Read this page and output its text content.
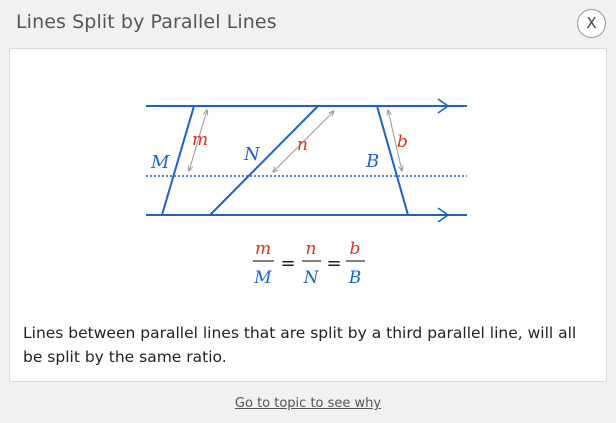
Lines Split by Parallel Lines	X
M
m
N n
B
b
m
M
=
n
N
=
b
B
Lines between parallel lines that are split by a third parallel line, will all be split by the same ratio.
Go to topic to see why
